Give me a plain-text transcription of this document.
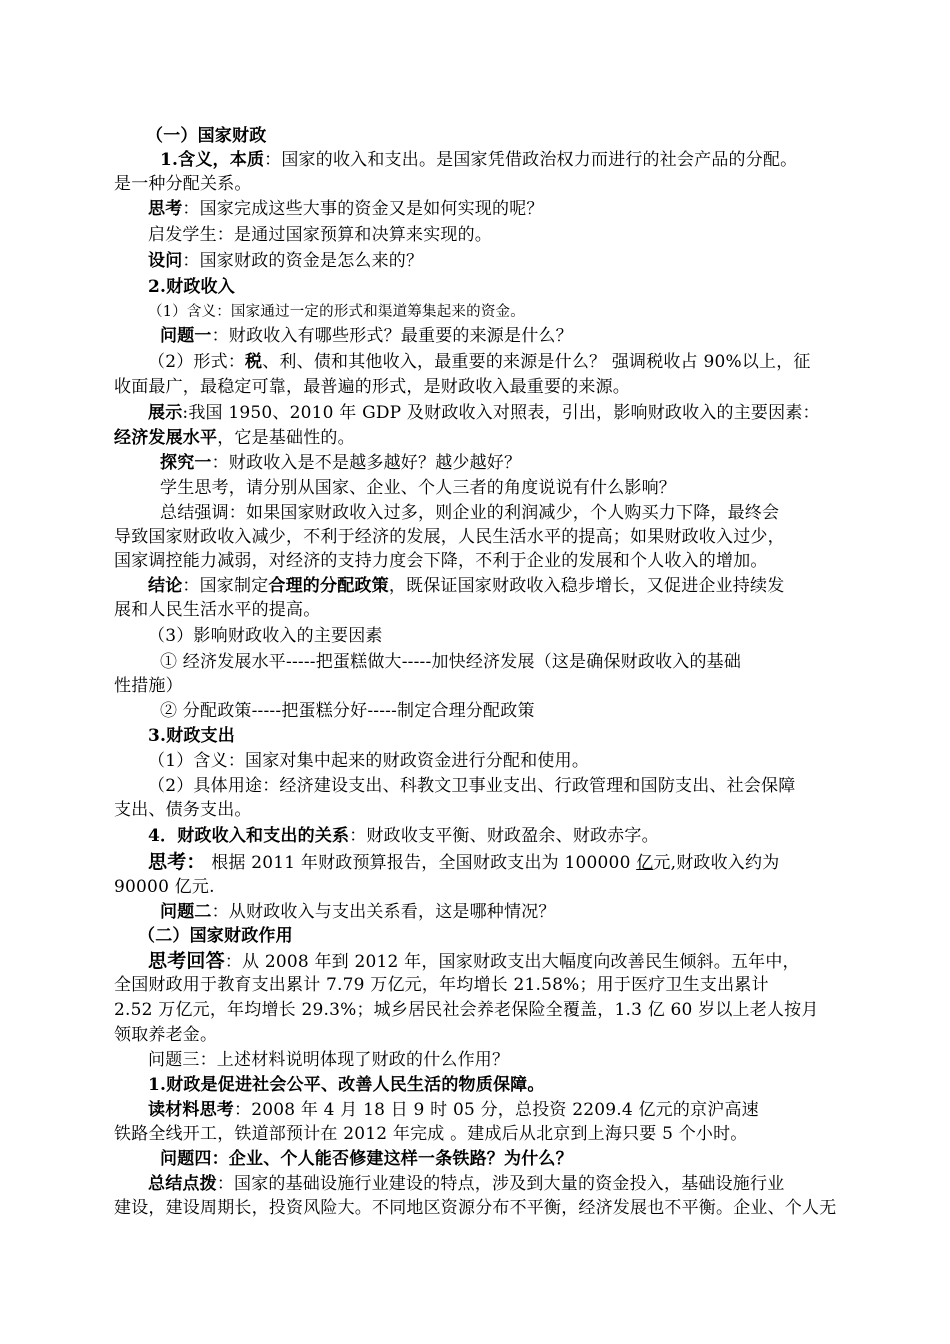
（一）国家财政
1.含义，本质：国家的收入和支出。是国家凭借政治权力而进行的社会产品的分配。
是一种分配关系。
思考：国家完成这些大事的资金又是如何实现的呢？
启发学生：是通过国家预算和决算来实现的。
设问：国家财政的资金是怎么来的？
2.财政收入
（1）含义：国家通过一定的形式和渠道筹集起来的资金。
问题一：财政收入有哪些形式？最重要的来源是什么？
（2）形式：税、利、债和其他收入，最重要的来源是什么？ 强调税收占 90%以上，征
收面最广，最稳定可靠，最普遍的形式，是财政收入最重要的来源。
展示:我国 1950、2010 年 GDP 及财政收入对照表，引出，影响财政收入的主要因素：
经济发展水平，它是基础性的。
探究一：财政收入是不是越多越好？越少越好？
学生思考，请分别从国家、企业、个人三者的角度说说有什么影响？
总结强调：如果国家财政收入过多，则企业的利润减少，个人购买力下降，最终会
导致国家财政收入减少，不利于经济的发展，人民生活水平的提高；如果财政收入过少，
国家调控能力减弱，对经济的支持力度会下降，不利于企业的发展和个人收入的增加。
结论：国家制定合理的分配政策，既保证国家财政收入稳步增长，又促进企业持续发
展和人民生活水平的提高。
（3）影响财政收入的主要因素
① 经济发展水平-----把蛋糕做大-----加快经济发展（这是确保财政收入的基础
性措施）
② 分配政策-----把蛋糕分好-----制定合理分配政策
3.财政支出
（1）含义：国家对集中起来的财政资金进行分配和使用。
（2）具体用途：经济建设支出、科教文卫事业支出、行政管理和国防支出、社会保障
支出、债务支出。
4．财政收入和支出的关系：财政收支平衡、财政盈余、财政赤字。
思考： 根据 2011 年财政预算报告，全国财政支出为 100000 亿元,财政收入约为
90000 亿元.
问题二：从财政收入与支出关系看，这是哪种情况？
（二）国家财政作用
思考回答：从 2008 年到 2012 年，国家财政支出大幅度向改善民生倾斜。五年中，
全国财政用于教育支出累计 7.79 万亿元，年均增长 21.58%；用于医疗卫生支出累计
2.52 万亿元，年均增长 29.3%；城乡居民社会养老保险全覆盖，1.3 亿 60 岁以上老人按月
领取养老金。
问题三：上述材料说明体现了财政的什么作用？
1.财政是促进社会公平、改善人民生活的物质保障。
读材料思考：2008 年 4 月 18 日 9 时 05 分，总投资 2209.4 亿元的京沪高速
铁路全线开工，铁道部预计在 2012 年完成 。建成后从北京到上海只要 5 个小时。
问题四：企业、个人能否修建这样一条铁路？为什么？
总结点拨：国家的基础设施行业建设的特点，涉及到大量的资金投入，基础设施行业
建设，建设周期长，投资风险大。不同地区资源分布不平衡，经济发展也不平衡。企业、个人无
